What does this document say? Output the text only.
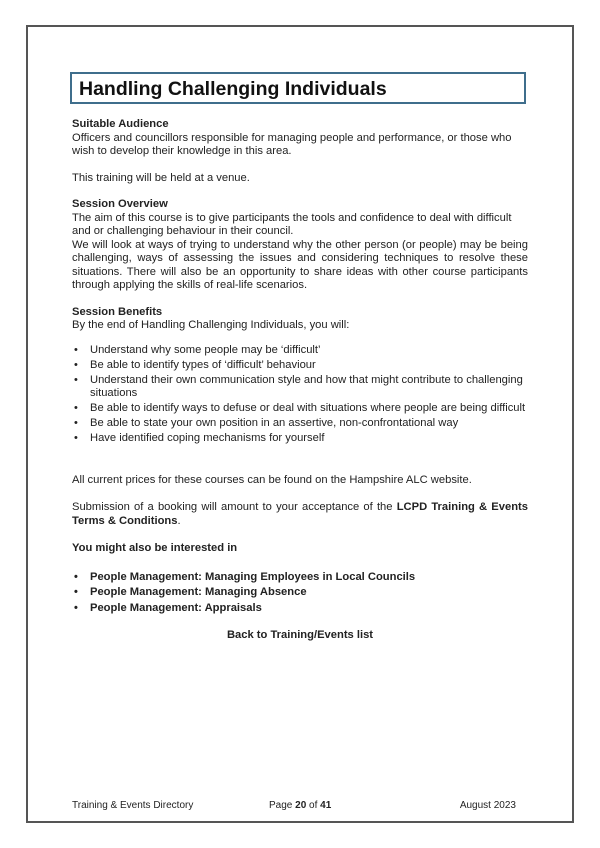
Handling Challenging Individuals

Suitable Audience

Officers and councillors responsible for managing people and performance, or those who wish to develop their knowledge in this area.

This training will be held at a venue.

Session Overview

The aim of this course is to give participants the tools and confidence to deal with difficult and or challenging behaviour in their council.

We will look at ways of trying to understand why the other person (or people) may be being challenging, ways of assessing the issues and considering techniques to resolve these situations. There will also be an opportunity to share ideas with other course participants through applying the skills of real-life scenarios.

Session Benefits

By the end of Handling Challenging Individuals, you will:

• Understand why some people may be ‘difficult’
• Be able to identify types of ‘difficult’ behaviour
• Understand their own communication style and how that might contribute to challenging situations
• Be able to identify ways to defuse or deal with situations where people are being difficult
• Be able to state your own position in an assertive, non-confrontational way
• Have identified coping mechanisms for yourself

All current prices for these courses can be found on the Hampshire ALC website.

Submission of a booking will amount to your acceptance of the LCPD Training & Events Terms & Conditions.

You might also be interested in

• People Management: Managing Employees in Local Councils
• People Management: Managing Absence
• People Management: Appraisals

Back to Training/Events list

Training & Events Directory	Page 20 of 41	August 2023
